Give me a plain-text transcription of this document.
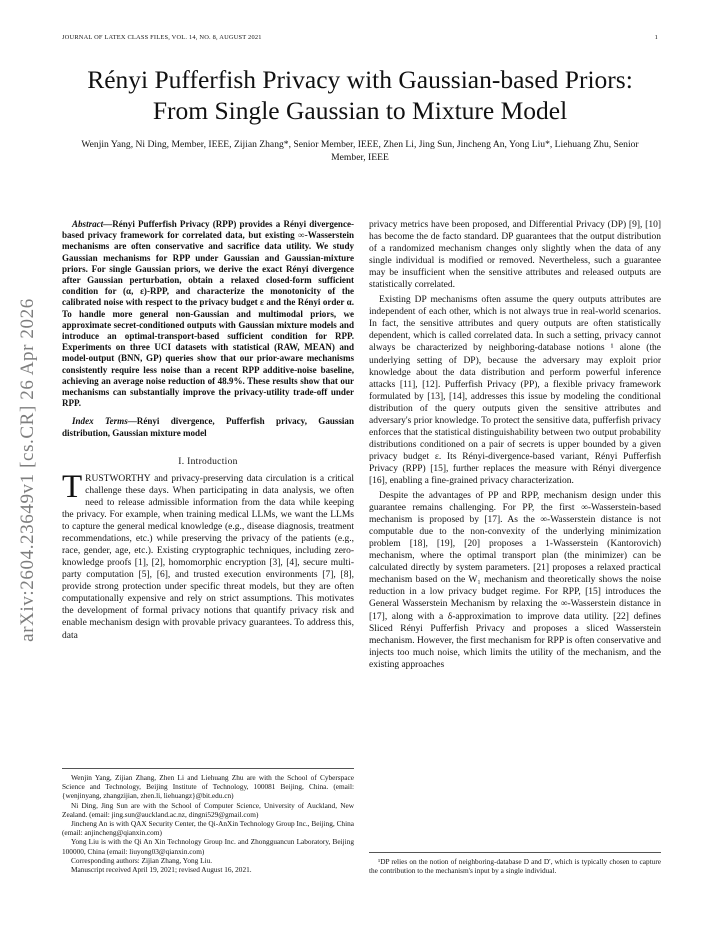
JOURNAL OF LATEX CLASS FILES, VOL. 14, NO. 8, AUGUST 2021	1
arXiv:2604.23649v1 [cs.CR] 26 Apr 2026
Rényi Pufferfish Privacy with Gaussian-based Priors: From Single Gaussian to Mixture Model
Wenjin Yang, Ni Ding, Member, IEEE, Zijian Zhang*, Senior Member, IEEE, Zhen Li, Jing Sun, Jincheng An, Yong Liu*, Liehuang Zhu, Senior Member, IEEE

Abstract—Rényi Pufferfish Privacy (RPP) provides a Rényi divergence-based privacy framework for correlated data, but existing ∞-Wasserstein mechanisms are often conservative and sacrifice data utility. We study Gaussian mechanisms for RPP under Gaussian and Gaussian-mixture priors. For single Gaussian priors, we derive the exact Rényi divergence after Gaussian perturbation, obtain a relaxed closed-form sufficient condition for (α, ε)-RPP, and characterize the monotonicity of the calibrated noise with respect to the privacy budget ε and the Rényi order α. To handle more general non-Gaussian and multimodal priors, we approximate secret-conditioned outputs with Gaussian mixture models and introduce an optimal-transport-based sufficient condition for RPP. Experiments on three UCI datasets with statistical (RAW, MEAN) and model-output (BNN, GP) queries show that our prior-aware mechanisms consistently require less noise than a recent RPP additive-noise baseline, achieving an average noise reduction of 48.9%. These results show that our mechanisms can substantially improve the privacy-utility trade-off under RPP.

Index Terms—Rényi divergence, Pufferfish privacy, Gaussian distribution, Gaussian mixture model

I. Introduction

TRUSTWORTHY and privacy-preserving data circulation is a critical challenge these days. When participating in data analysis, we often need to release admissible information from the data while keeping the privacy. For example, when training medical LLMs, we want the LLMs to capture the general medical knowledge (e.g., disease diagnosis, treatment recommendations, etc.) while preserving the privacy of the patients (e.g., race, gender, age, etc.). Existing cryptographic techniques, including zero-knowledge proofs [1], [2], homomorphic encryption [3], [4], secure multi-party computation [5], [6], and trusted execution environments [7], [8], provide strong protection under specific threat models, but they are often computationally expensive and rely on strict assumptions. This motivates the development of formal privacy notions that quantify privacy risk and enable mechanism design with provable privacy guarantees. To address this, data

Wenjin Yang, Zijian Zhang, Zhen Li and Liehuang Zhu are with the School of Cyberspace Science and Technology, Beijing Institute of Technology, 100081 Beijing, China. (email: {wenjinyang, zhangzijian, zhen.li, liehuangz}@bit.edu.cn)

Ni Ding, Jing Sun are with the School of Computer Science, University of Auckland, New Zealand. (email: jing.sun@auckland.ac.nz, dingni529@gmail.com)

Jincheng An is with QAX Security Center, the Qi-AnXin Technology Group Inc., Beijing, China (email: anjincheng@qianxin.com)

Yong Liu is with the Qi An Xin Technology Group Inc. and Zhongguancun Laboratory, Beijing 100000, China (email: liuyong03@qianxin.com)

Corresponding authors: Zijian Zhang, Yong Liu.

Manuscript received April 19, 2021; revised August 16, 2021.

privacy metrics have been proposed, and Differential Privacy (DP) [9], [10] has become the de facto standard. DP guarantees that the output distribution of a randomized mechanism changes only slightly when the data of any single individual is modified or removed. Nevertheless, such a guarantee may be insufficient when the sensitive attributes and released outputs are statistically correlated.

Existing DP mechanisms often assume the query outputs attributes are independent of each other, which is not always true in real-world scenarios. In fact, the sensitive attributes and query outputs are often statistically dependent, which is called correlated data. In such a setting, privacy cannot always be characterized by neighboring-database notions ¹ alone (the underlying setting of DP), because the adversary may exploit prior knowledge about the data distribution and perform powerful inference attacks [11], [12]. Pufferfish Privacy (PP), a flexible privacy framework formulated by [13], [14], addresses this issue by modeling the conditional distribution of the query outputs given the sensitive attributes and adversary's prior knowledge. To protect the sensitive data, pufferfish privacy enforces that the statistical distinguishability between two output probability distributions conditioned on a pair of secrets is upper bounded by a given privacy budget ε. Its Rényi-divergence-based variant, Rényi Pufferfish Privacy (RPP) [15], further replaces the measure with Rényi divergence [16], enabling a fine-grained privacy characterization.

Despite the advantages of PP and RPP, mechanism design under this guarantee remains challenging. For PP, the first ∞-Wasserstein-based mechanism is proposed by [17]. As the ∞-Wasserstein distance is not computable due to the non-convexity of the underlying minimization problem [18], [19], [20] proposes a 1-Wasserstein (Kantorovich) mechanism, where the optimal transport plan (the minimizer) can be calculated directly by system parameters. [21] proposes a relaxed practical mechanism based on the W₁ mechanism and theoretically shows the noise reduction in a low privacy budget regime. For RPP, [15] introduces the General Wasserstein Mechanism by relaxing the ∞-Wasserstein distance in [17], along with a δ-approximation to improve data utility. [22] defines Sliced Rényi Pufferfish Privacy and proposes a sliced Wasserstein mechanism. However, the first mechanism for RPP is often conservative and injects too much noise, which limits the utility of the mechanism, and the existing approaches

¹DP relies on the notion of neighboring-database D and D′, which is typically chosen to capture the contribution to the mechanism's input by a single individual.
